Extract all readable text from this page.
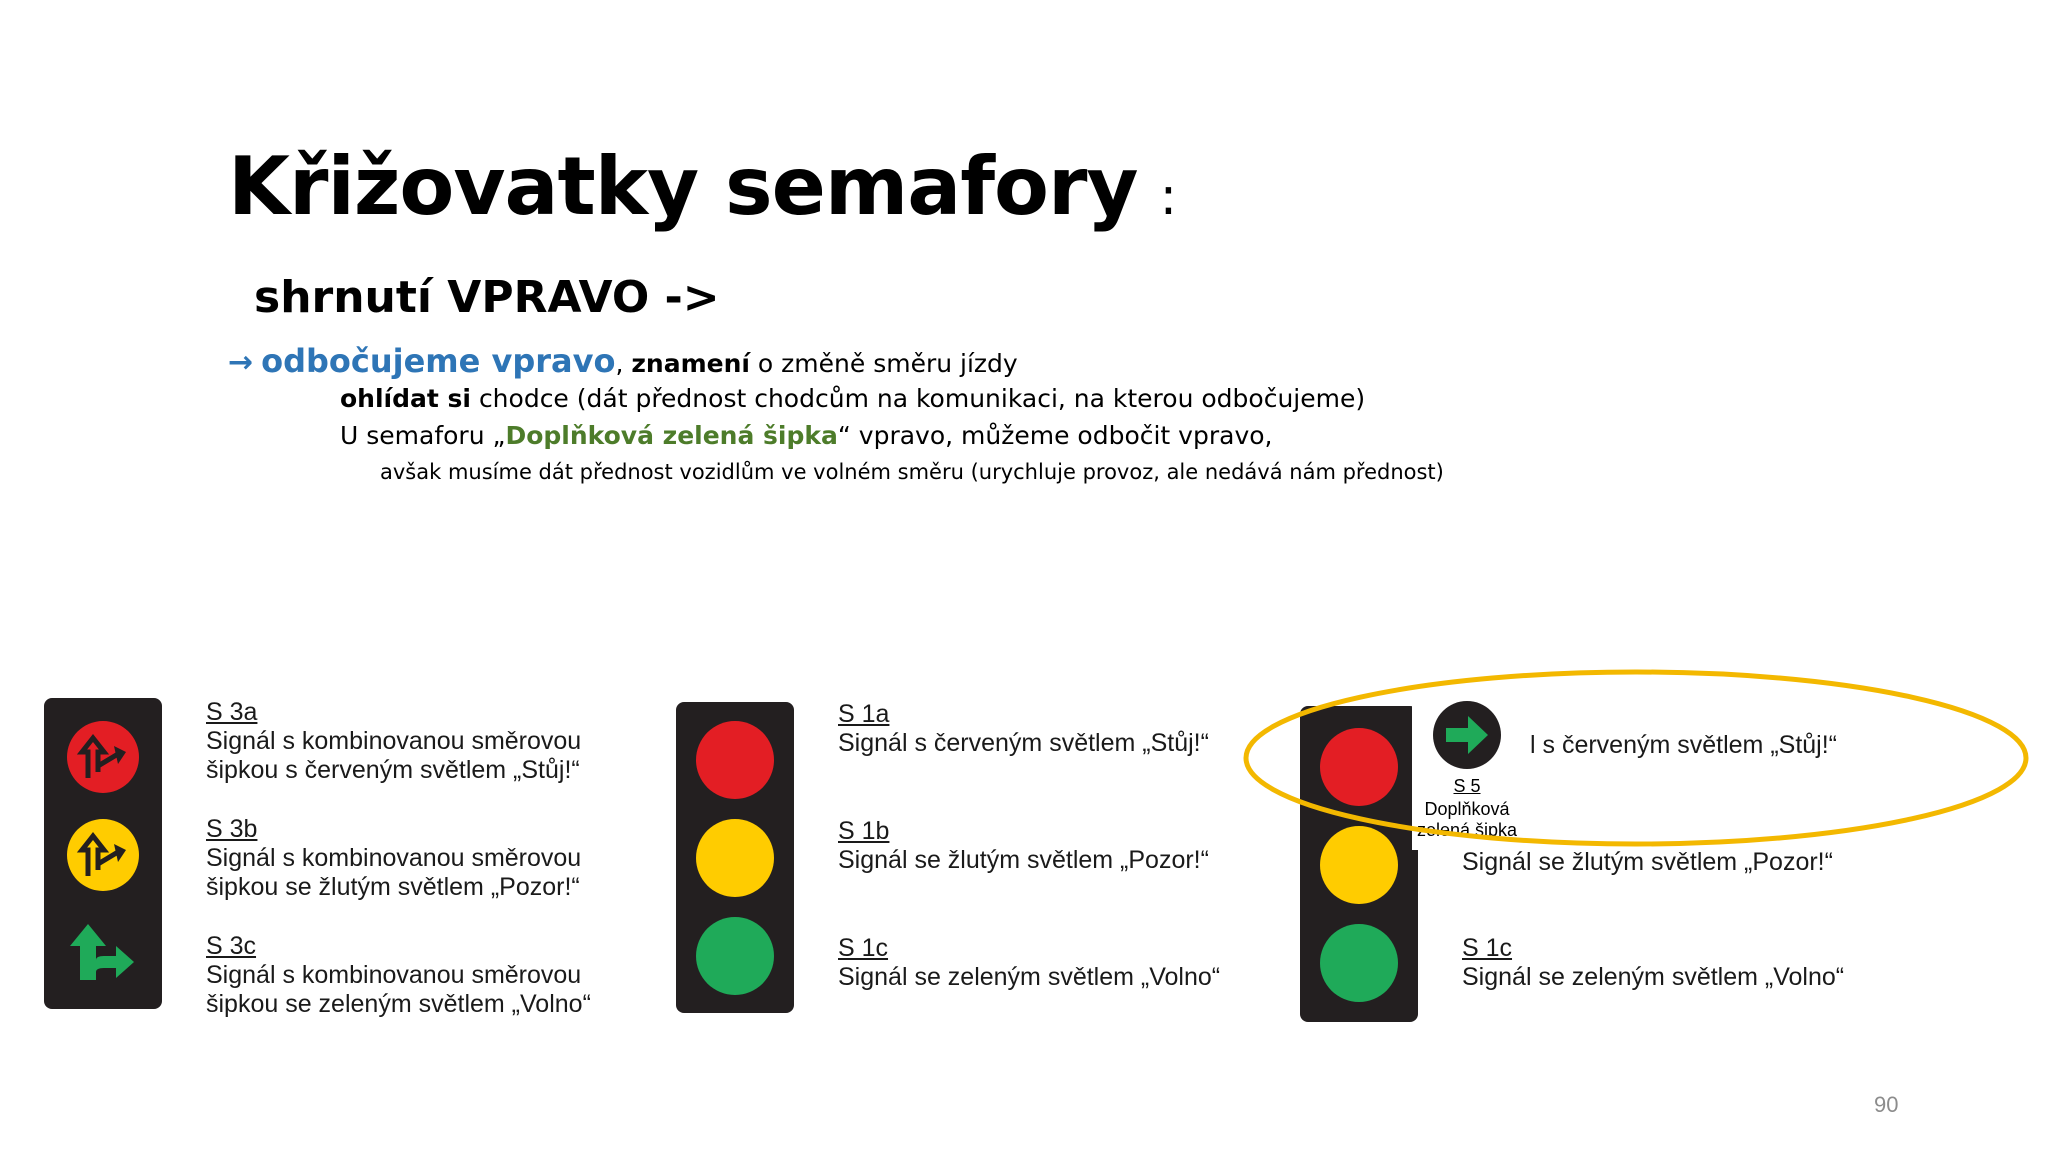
Křižovatky semafory :
shrnutí VPRAVO ->
→ odbočujeme vpravo, znamení o změně směru jízdy
ohlídat si chodce (dát přednost chodcům na komunikaci, na kterou odbočujeme)
U semaforu „Doplňková zelená šipka“ vpravo, můžeme odbočit vpravo,
avšak musíme dát přednost vozidlům ve volném směru (urychluje provoz, ale nedává nám přednost)
S 3a
Signál s kombinovanou směrovou
šipkou s červeným světlem „Stůj!“
S 3b
Signál s kombinovanou směrovou
šipkou se žlutým světlem „Pozor!“
S 3c
Signál s kombinovanou směrovou
šipkou se zeleným světlem „Volno“
S 1a
Signál s červeným světlem „Stůj!“
S 1b
Signál se žlutým světlem „Pozor!“
S 1c
Signál se zeleným světlem „Volno“
S 5
Doplňková
zelená šipka
l s červeným světlem „Stůj!“
Signál se žlutým světlem „Pozor!“
S 1c
Signál se zeleným světlem „Volno“
90
